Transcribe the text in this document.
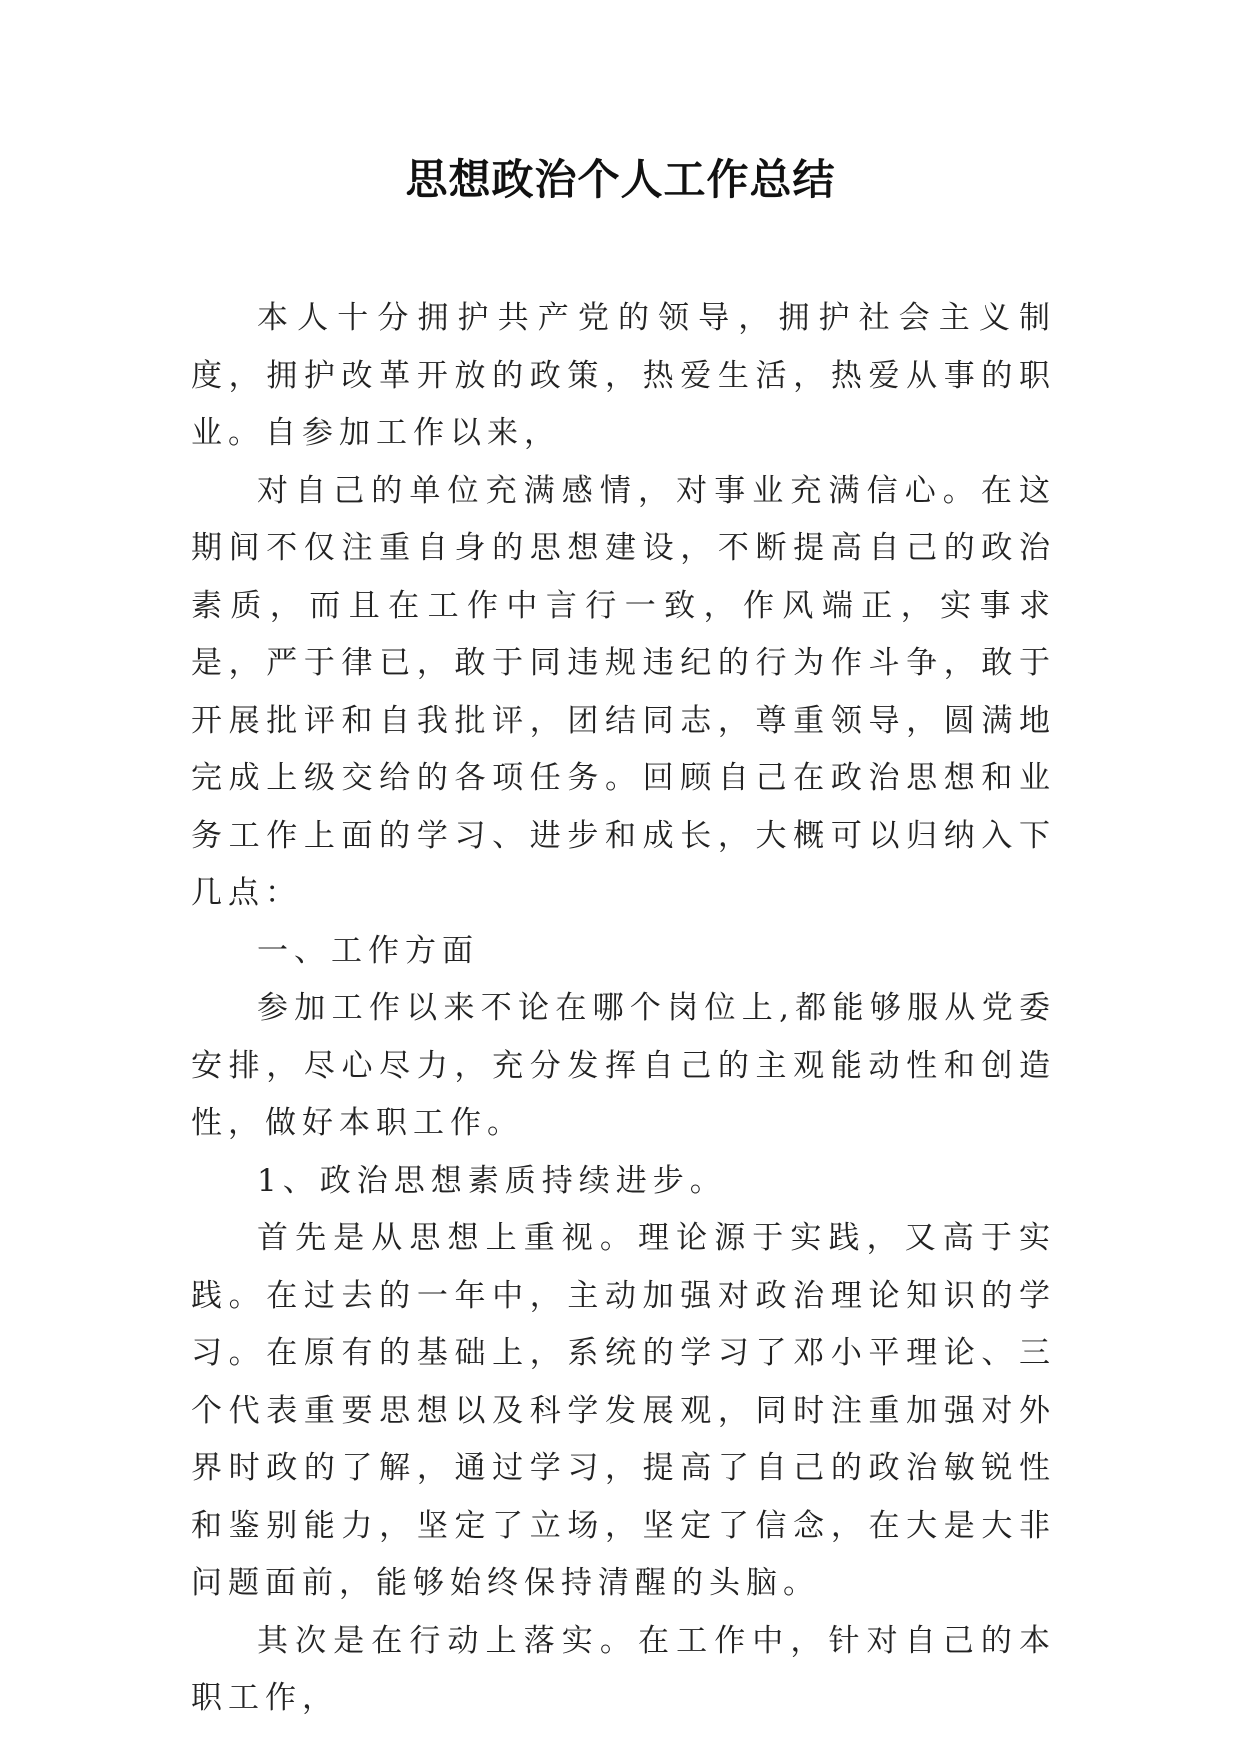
思想政治个人工作总结

本人十分拥护共产党的领导，拥护社会主义制度，拥护改革开放的政策，热爱生活，热爱从事的职业。自参加工作以来，

对自己的单位充满感情，对事业充满信心。在这期间不仅注重自身的思想建设，不断提高自己的政治素质，而且在工作中言行一致，作风端正，实事求是，严于律已，敢于同违规违纪的行为作斗争，敢于开展批评和自我批评，团结同志，尊重领导，圆满地完成上级交给的各项任务。回顾自己在政治思想和业务工作上面的学习、进步和成长，大概可以归纳入下几点：

一、工作方面

参加工作以来不论在哪个岗位上,都能够服从党委安排，尽心尽力，充分发挥自己的主观能动性和创造性，做好本职工作。

1、政治思想素质持续进步。

首先是从思想上重视。理论源于实践，又高于实践。在过去的一年中，主动加强对政治理论知识的学习。在原有的基础上，系统的学习了邓小平理论、三个代表重要思想以及科学发展观，同时注重加强对外界时政的了解，通过学习，提高了自己的政治敏锐性和鉴别能力，坚定了立场，坚定了信念，在大是大非问题面前，能够始终保持清醒的头脑。

其次是在行动上落实。在工作中，针对自己的本职工作，
